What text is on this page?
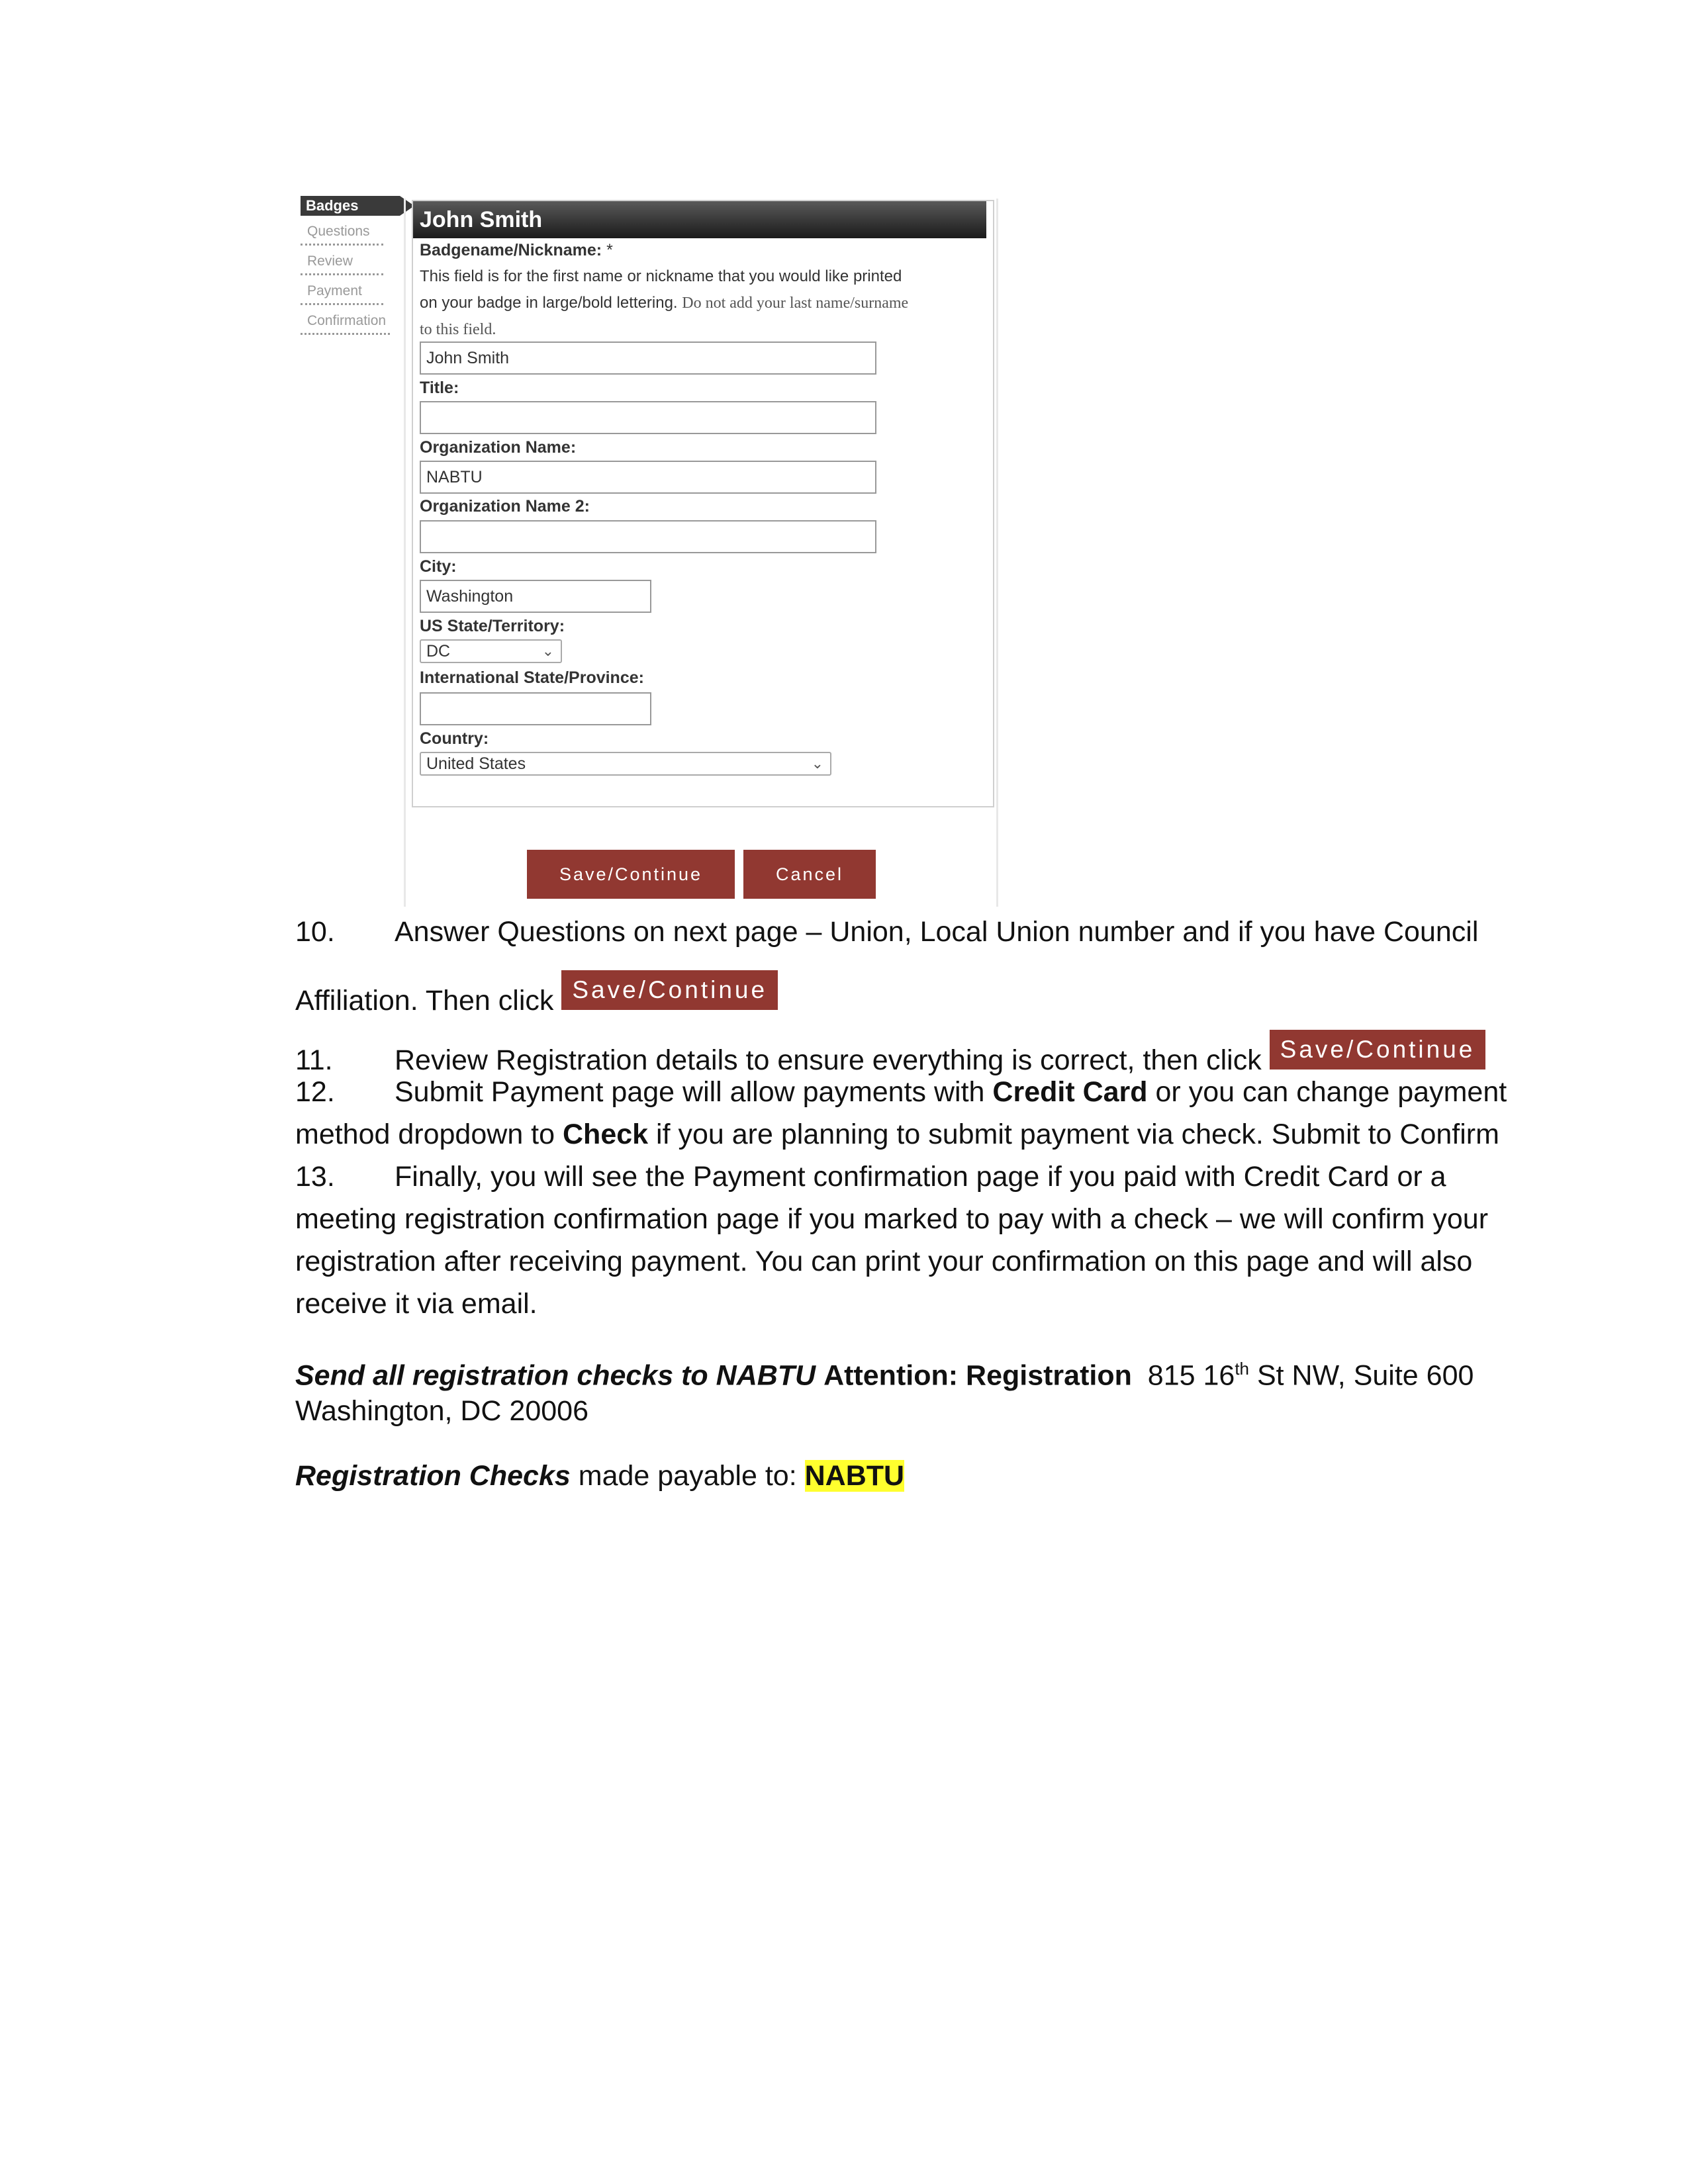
Badges
Questions
Review
Payment
Confirmation
John Smith
Badgename/Nickname: *
This field is for the first name or nickname that you would like printed
on your badge in large/bold lettering. Do not add your last name/surname
to this field.
John Smith
Title:
Organization Name:
NABTU
Organization Name 2:
City:
Washington
US State/Territory:
DC	⌄
International State/Province:
Country:
United States	⌄
Save/Continue	Cancel
10. Answer Questions on next page – Union, Local Union number and if you have Council
Affiliation. Then click Save/Continue
11. Review Registration details to ensure everything is correct, then click Save/Continue
12. Submit Payment page will allow payments with Credit Card or you can change payment
method dropdown to Check if you are planning to submit payment via check. Submit to Confirm
13. Finally, you will see the Payment confirmation page if you paid with Credit Card or a
meeting registration confirmation page if you marked to pay with a check – we will confirm your
registration after receiving payment. You can print your confirmation on this page and will also
receive it via email.
Send all registration checks to NABTU Attention: Registration 815 16th St NW, Suite 600
Washington, DC 20006
Registration Checks made payable to: NABTU
